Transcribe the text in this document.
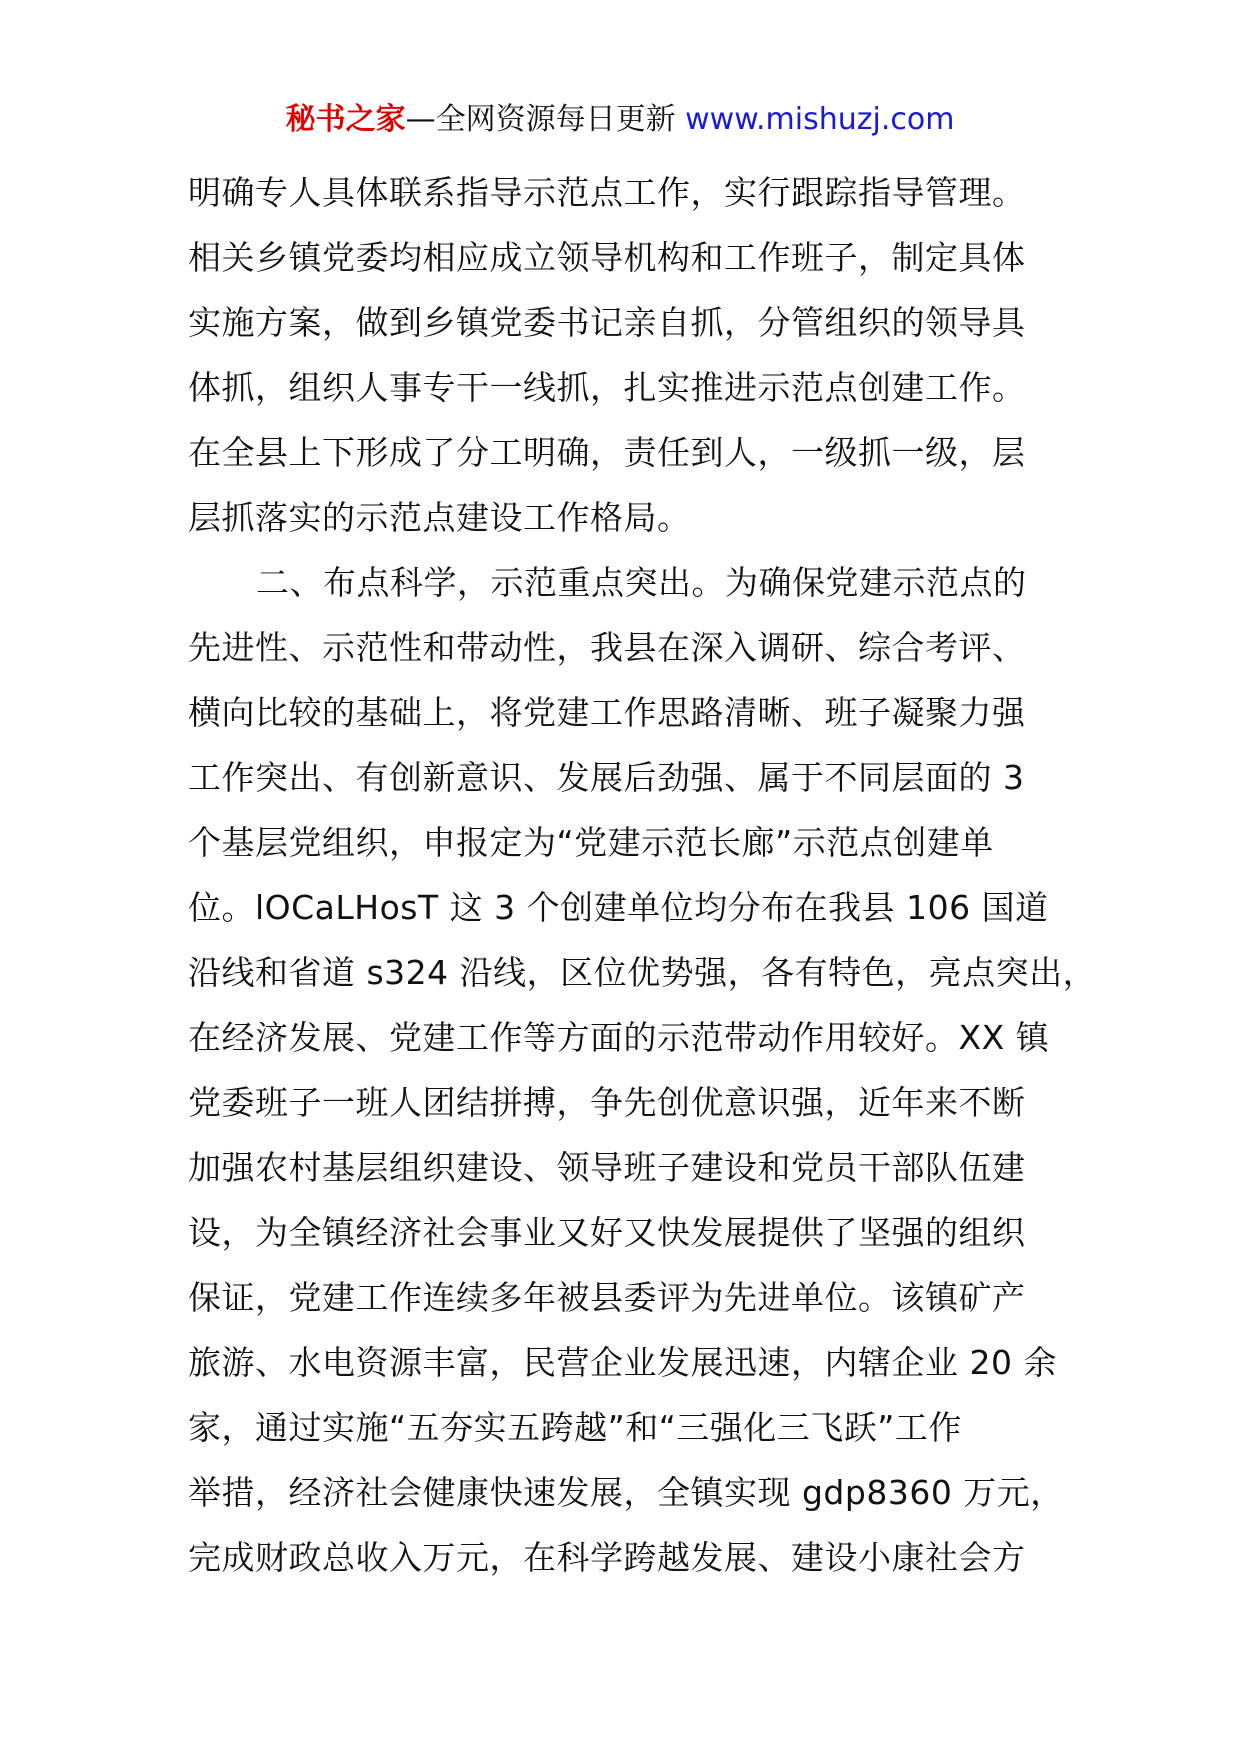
秘书之家—全网资源每日更新 www.mishuzj.com
明确专人具体联系指导示范点工作，实行跟踪指导管理。
相关乡镇党委均相应成立领导机构和工作班子，制定具体
实施方案，做到乡镇党委书记亲自抓，分管组织的领导具
体抓，组织人事专干一线抓，扎实推进示范点创建工作。
在全县上下形成了分工明确，责任到人，一级抓一级，层
层抓落实的示范点建设工作格局。
二、布点科学，示范重点突出。为确保党建示范点的
先进性、示范性和带动性，我县在深入调研、综合考评、
横向比较的基础上，将党建工作思路清晰、班子凝聚力强
工作突出、有创新意识、发展后劲强、属于不同层面的 3
个基层党组织，申报定为“党建示范长廊”示范点创建单
位。lOCaLHosT 这 3 个创建单位均分布在我县 106 国道
沿线和省道 s324 沿线，区位优势强，各有特色，亮点突出，
在经济发展、党建工作等方面的示范带动作用较好。XX 镇
党委班子一班人团结拼搏，争先创优意识强，近年来不断
加强农村基层组织建设、领导班子建设和党员干部队伍建
设，为全镇经济社会事业又好又快发展提供了坚强的组织
保证，党建工作连续多年被县委评为先进单位。该镇矿产
旅游、水电资源丰富，民营企业发展迅速，内辖企业 20 余
家，通过实施“五夯实五跨越”和“三强化三飞跃”工作
举措，经济社会健康快速发展，全镇实现 gdp8360 万元，
完成财政总收入万元，在科学跨越发展、建设小康社会方
